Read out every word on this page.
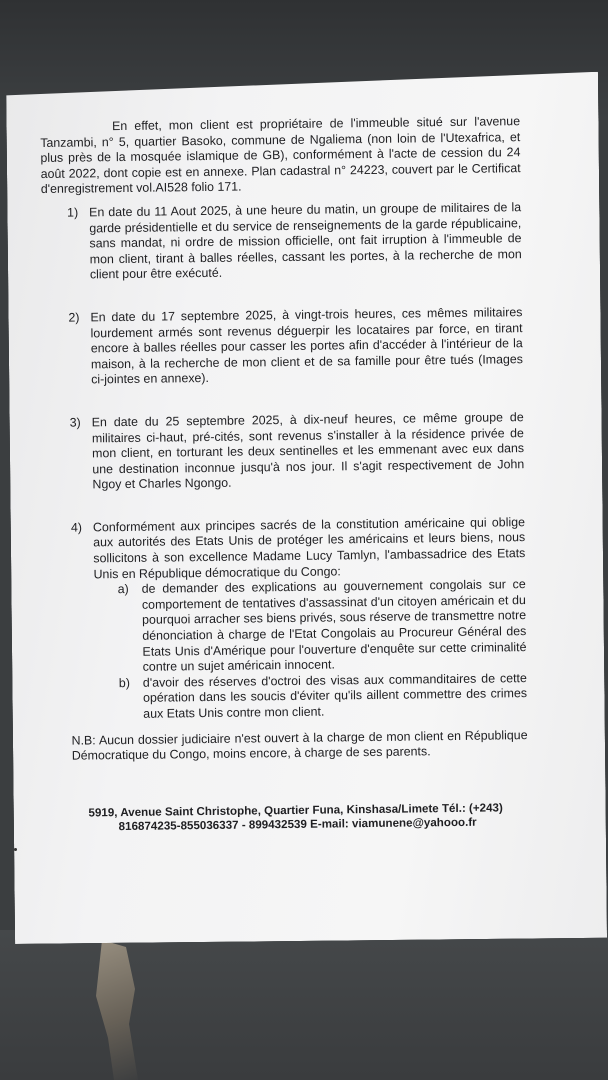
En effet, mon client est propriétaire de l'immeuble situé sur l'avenue Tanzambi, n° 5, quartier Basoko, commune de Ngaliema (non loin de l'Utexafrica, et plus près de la mosquée islamique de GB), conformément à l'acte de cession du 24 août 2022, dont copie est en annexe. Plan cadastral n° 24223, couvert par le Certificat d'enregistrement vol.AI528 folio 171.

1) En date du 11 Aout 2025, à une heure du matin, un groupe de militaires de la garde présidentielle et du service de renseignements de la garde républicaine, sans mandat, ni ordre de mission officielle, ont fait irruption à l'immeuble de mon client, tirant à balles réelles, cassant les portes, à la recherche de mon client pour être exécuté.

2) En date du 17 septembre 2025, à vingt-trois heures, ces mêmes militaires lourdement armés sont revenus déguerpir les locataires par force, en tirant encore à balles réelles pour casser les portes afin d'accéder à l'intérieur de la maison, à la recherche de mon client et de sa famille pour être tués (Images ci-jointes en annexe).

3) En date du 25 septembre 2025, à dix-neuf heures, ce même groupe de militaires ci-haut, pré-cités, sont revenus s'installer à la résidence privée de mon client, en torturant les deux sentinelles et les emmenant avec eux dans une destination inconnue jusqu'à nos jour. Il s'agit respectivement de John Ngoy et Charles Ngongo.

4) Conformément aux principes sacrés de la constitution américaine qui oblige aux autorités des Etats Unis de protéger les américains et leurs biens, nous sollicitons à son excellence Madame Lucy Tamlyn, l'ambassadrice des Etats Unis en République démocratique du Congo:

a) de demander des explications au gouvernement congolais sur ce comportement de tentatives d'assassinat d'un citoyen américain et du pourquoi arracher ses biens privés, sous réserve de transmettre notre dénonciation à charge de l'Etat Congolais au Procureur Général des Etats Unis d'Amérique pour l'ouverture d'enquête sur cette criminalité contre un sujet américain innocent.

b) d'avoir des réserves d'octroi des visas aux commanditaires de cette opération dans les soucis d'éviter qu'ils aillent commettre des crimes aux Etats Unis contre mon client.

N.B: Aucun dossier judiciaire n'est ouvert à la charge de mon client en République Démocratique du Congo, moins encore, à charge de ses parents.

5919, Avenue Saint Christophe, Quartier Funa, Kinshasa/Limete Tél.: (+243)

816874235-855036337 - 899432539 E-mail: viamunene@yahooo.fr
